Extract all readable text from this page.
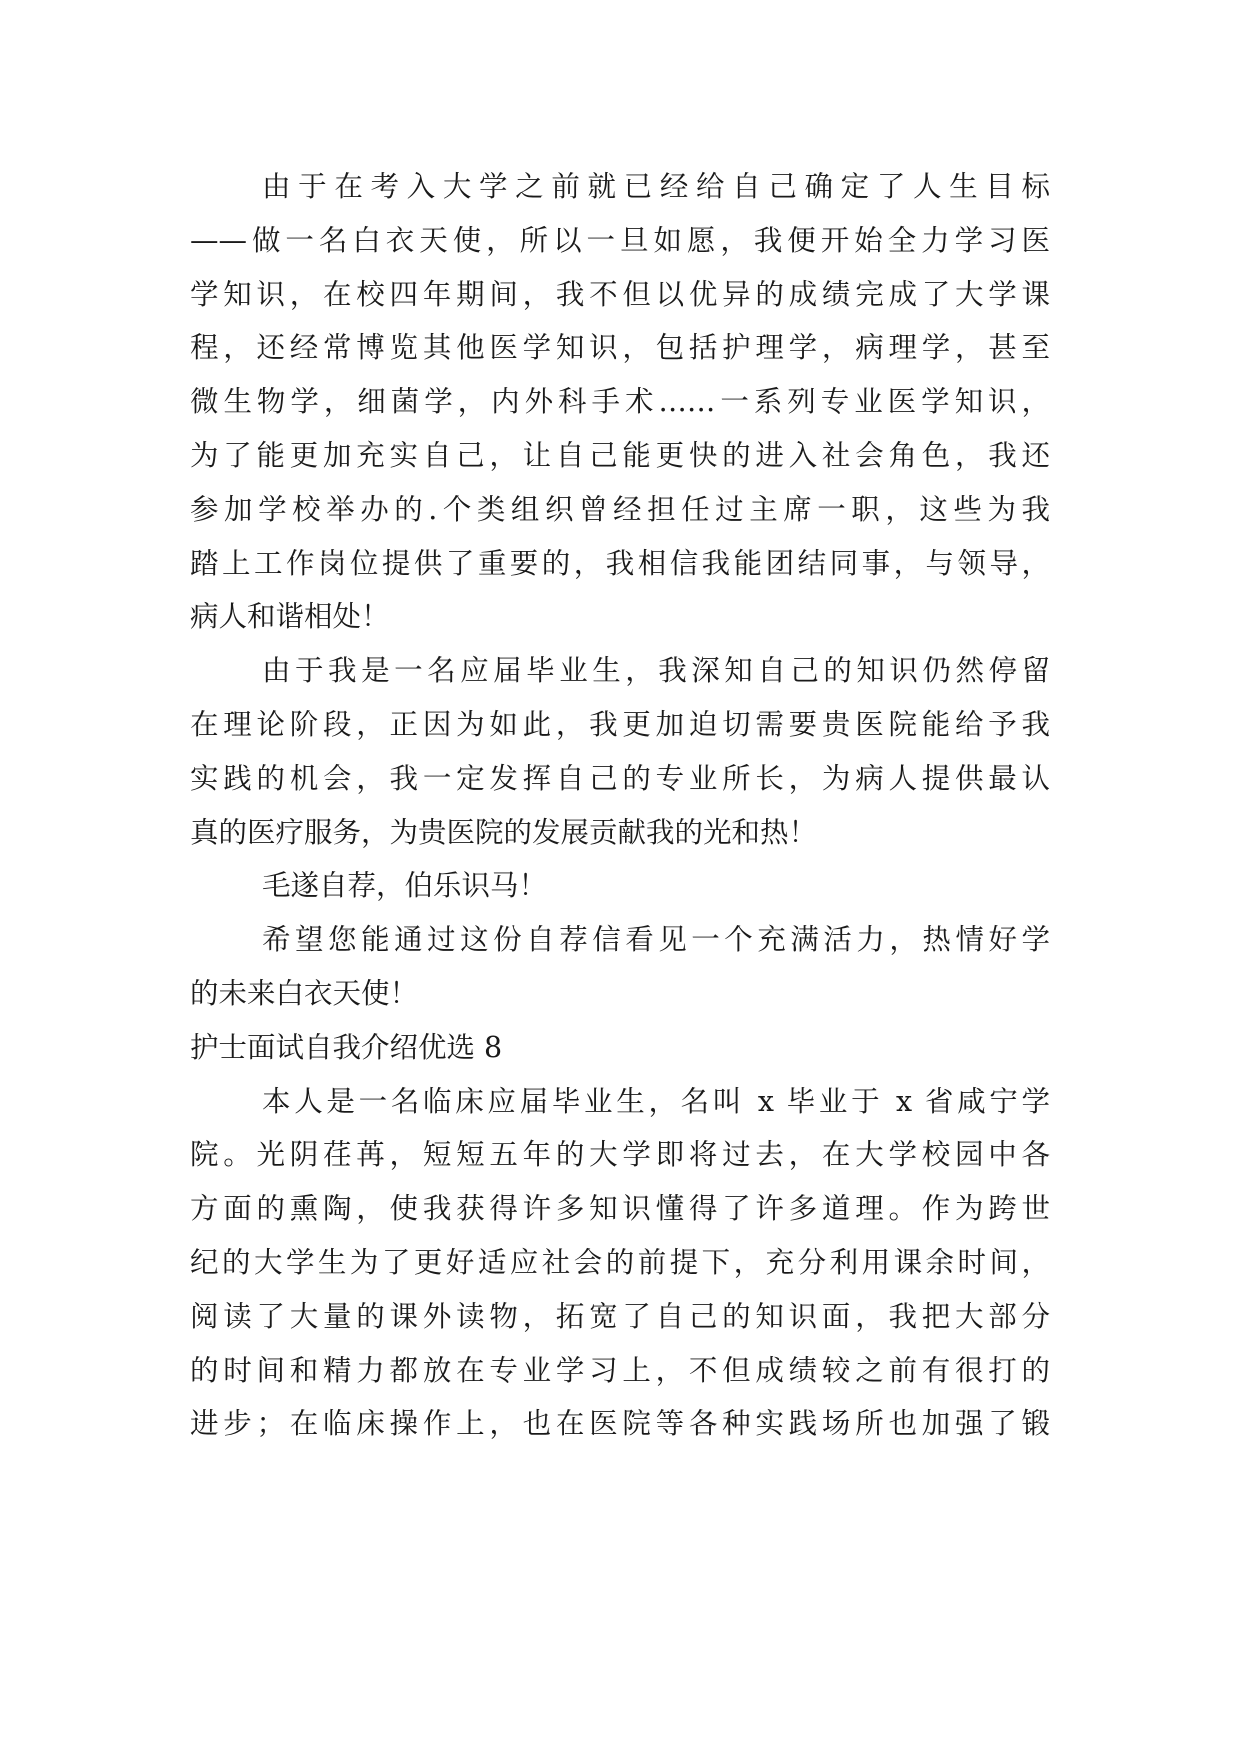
由于在考入大学之前就已经给自己确定了人生目标
——做一名白衣天使，所以一旦如愿，我便开始全力学习医
学知识，在校四年期间，我不但以优异的成绩完成了大学课
程，还经常博览其他医学知识，包括护理学，病理学，甚至
微生物学，细菌学，内外科手术……一系列专业医学知识，
为了能更加充实自己，让自己能更快的进入社会角色，我还
参加学校举办的.个类组织曾经担任过主席一职，这些为我
踏上工作岗位提供了重要的，我相信我能团结同事，与领导，
病人和谐相处！
由于我是一名应届毕业生，我深知自己的知识仍然停留
在理论阶段，正因为如此，我更加迫切需要贵医院能给予我
实践的机会，我一定发挥自己的专业所长，为病人提供最认
真的医疗服务，为贵医院的发展贡献我的光和热！
毛遂自荐，伯乐识马！
希望您能通过这份自荐信看见一个充满活力，热情好学
的未来白衣天使！
护士面试自我介绍优选 8
本人是一名临床应届毕业生，名叫 x 毕业于 x 省咸宁学
院。光阴荏苒，短短五年的大学即将过去，在大学校园中各
方面的熏陶，使我获得许多知识懂得了许多道理。作为跨世
纪的大学生为了更好适应社会的前提下，充分利用课余时间，
阅读了大量的课外读物，拓宽了自己的知识面，我把大部分
的时间和精力都放在专业学习上，不但成绩较之前有很打的
进步；在临床操作上，也在医院等各种实践场所也加强了锻
